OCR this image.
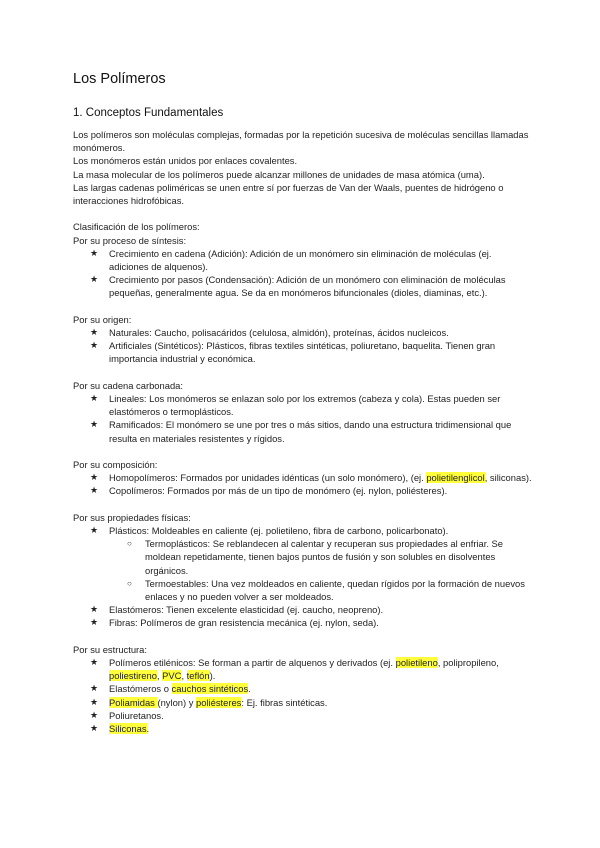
Los Polímeros
1. Conceptos Fundamentales

Los polímeros son moléculas complejas, formadas por la repetición sucesiva de moléculas sencillas llamadas monómeros.

Los monómeros están unidos por enlaces covalentes.

La masa molecular de los polímeros puede alcanzar millones de unidades de masa atómica (uma).

Las largas cadenas poliméricas se unen entre sí por fuerzas de Van der Waals, puentes de hidrógeno o interacciones hidrofóbicas.

Clasificación de los polímeros:

Por su proceso de síntesis:

★ Crecimiento en cadena (Adición): Adición de un monómero sin eliminación de moléculas (ej. adiciones de alquenos).
★ Crecimiento por pasos (Condensación): Adición de un monómero con eliminación de moléculas pequeñas, generalmente agua. Se da en monómeros bifuncionales (dioles, diaminas, etc.).

Por su origen:

★ Naturales: Caucho, polisacáridos (celulosa, almidón), proteínas, ácidos nucleicos.
★ Artificiales (Sintéticos): Plásticos, fibras textiles sintéticas, poliuretano, baquelita. Tienen gran importancia industrial y económica.

Por su cadena carbonada:

★ Lineales: Los monómeros se enlazan solo por los extremos (cabeza y cola). Estas pueden ser elastómeros o termoplásticos.
★ Ramificados: El monómero se une por tres o más sitios, dando una estructura tridimensional que resulta en materiales resistentes y rígidos.

Por su composición:

★ Homopolímeros: Formados por unidades idénticas (un solo monómero), (ej. polietilenglicol, siliconas).
★ Copolímeros: Formados por más de un tipo de monómero (ej. nylon, poliésteres).

Por sus propiedades físicas:

★ Plásticos: Moldeables en caliente (ej. polietileno, fibra de carbono, policarbonato).
○ Termoplásticos: Se reblandecen al calentar y recuperan sus propiedades al enfriar. Se moldean repetidamente, tienen bajos puntos de fusión y son solubles en disolventes orgánicos.
○ Termoestables: Una vez moldeados en caliente, quedan rígidos por la formación de nuevos enlaces y no pueden volver a ser moldeados.
★ Elastómeros: Tienen excelente elasticidad (ej. caucho, neopreno).
★ Fibras: Polímeros de gran resistencia mecánica (ej. nylon, seda).

Por su estructura:

★ Polímeros etilénicos: Se forman a partir de alquenos y derivados (ej. polietileno, polipropileno, poliestireno, PVC, teflón).
★ Elastómeros o cauchos sintéticos.
★ Poliamidas (nylon) y poliésteres: Ej. fibras sintéticas.
★ Poliuretanos.
★ Siliconas.
